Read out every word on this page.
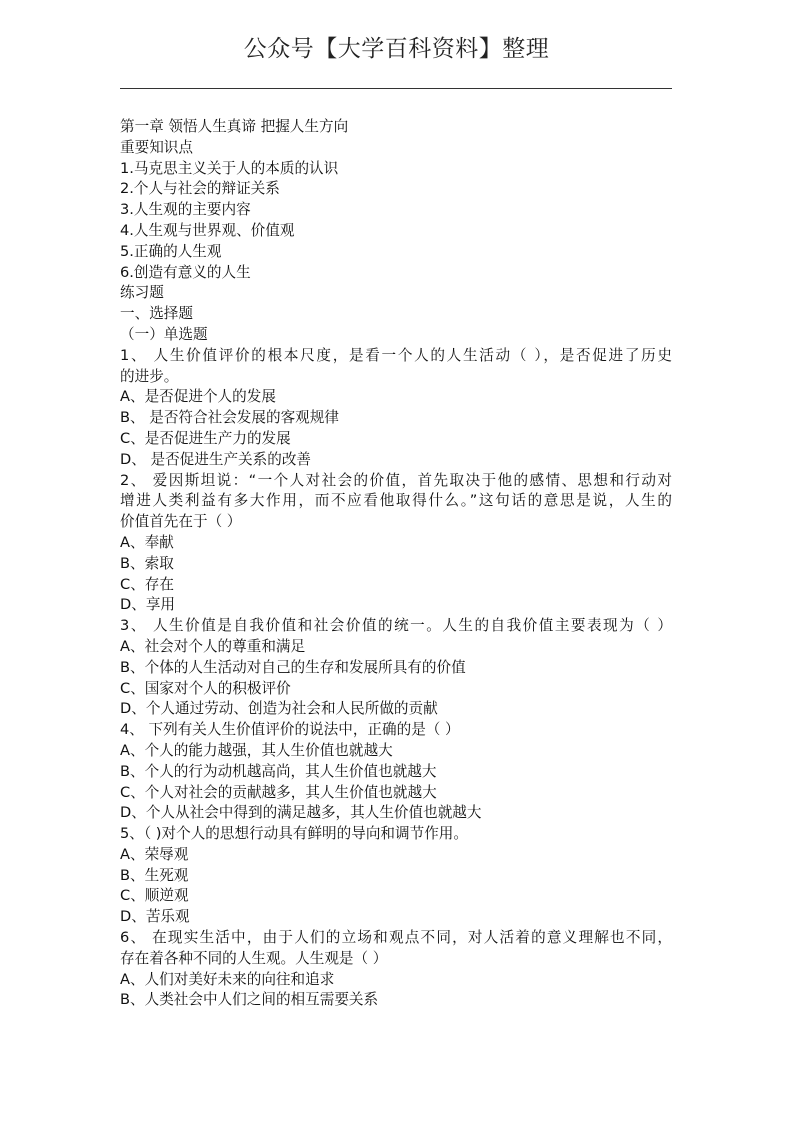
公众号【大学百科资料】整理
第一章 领悟人生真谛 把握人生方向
重要知识点
1.马克思主义关于人的本质的认识
2.个人与社会的辩证关系
3.人生观的主要内容
4.人生观与世界观、价值观
5.正确的人生观
6.创造有意义的人生
练习题
一、选择题
（一）单选题
1、 人生价值评价的根本尺度，是看一个人的人生活动（ ），是否促进了历史
的进步。
A、是否促进个人的发展
B、 是否符合社会发展的客观规律
C、是否促进生产力的发展
D、 是否促进生产关系的改善
2、 爱因斯坦说：“一个人对社会的价值，首先取决于他的感情、思想和行动对
增进人类利益有多大作用，而不应看他取得什么。”这句话的意思是说，人生的
价值首先在于（ ）
A、奉献
B、索取
C、存在
D、享用
3、 人生价值是自我价值和社会价值的统一。人生的自我价值主要表现为（ ）
A、社会对个人的尊重和满足
B、个体的人生活动对自己的生存和发展所具有的价值
C、国家对个人的积极评价
D、个人通过劳动、创造为社会和人民所做的贡献
4、 下列有关人生价值评价的说法中，正确的是（ ）
A、个人的能力越强，其人生价值也就越大
B、个人的行为动机越高尚，其人生价值也就越大
C、个人对社会的贡献越多，其人生价值也就越大
D、个人从社会中得到的满足越多，其人生价值也就越大
5、（ )对个人的思想行动具有鲜明的导向和调节作用。
A、荣辱观
B、生死观
C、顺逆观
D、苦乐观
6、 在现实生活中，由于人们的立场和观点不同，对人活着的意义理解也不同，
存在着各种不同的人生观。人生观是（ ）
A、人们对美好未来的向往和追求
B、人类社会中人们之间的相互需要关系
